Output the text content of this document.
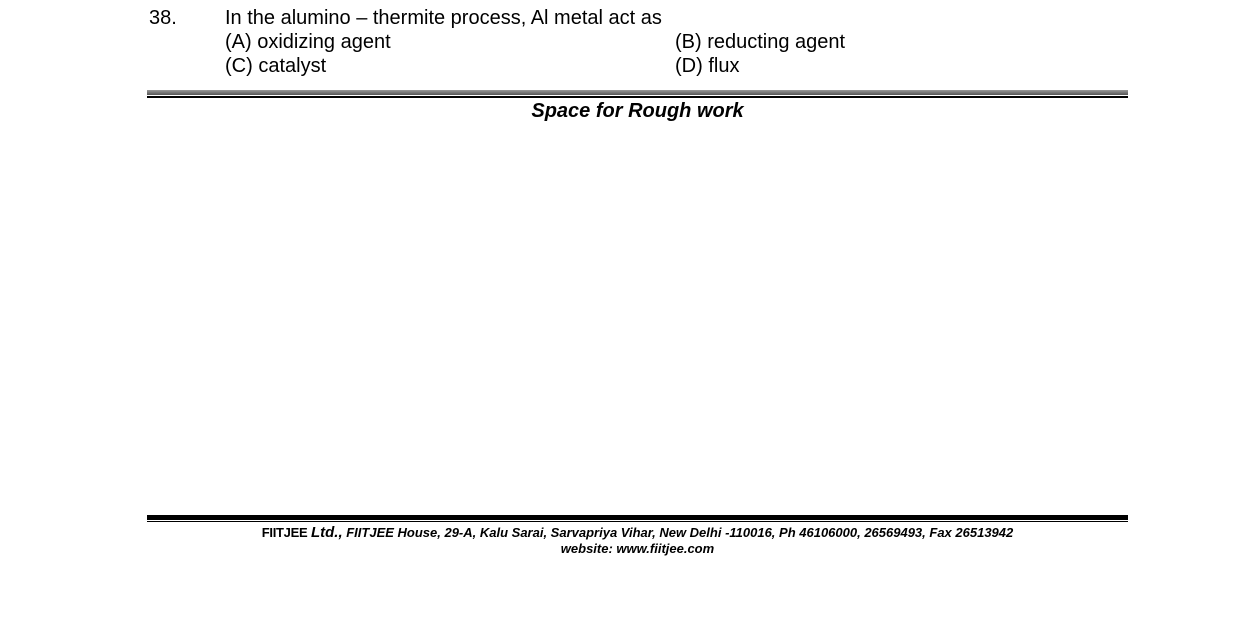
38. In the alumino – thermite process, Al metal act as
(A) oxidizing agent	(B) reducting agent
(C) catalyst	(D) flux
Space for Rough work
FIITJEE Ltd., FIITJEE House, 29-A, Kalu Sarai, Sarvapriya Vihar, New Delhi -110016, Ph 46106000, 26569493, Fax 26513942
website: www.fiitjee.com
